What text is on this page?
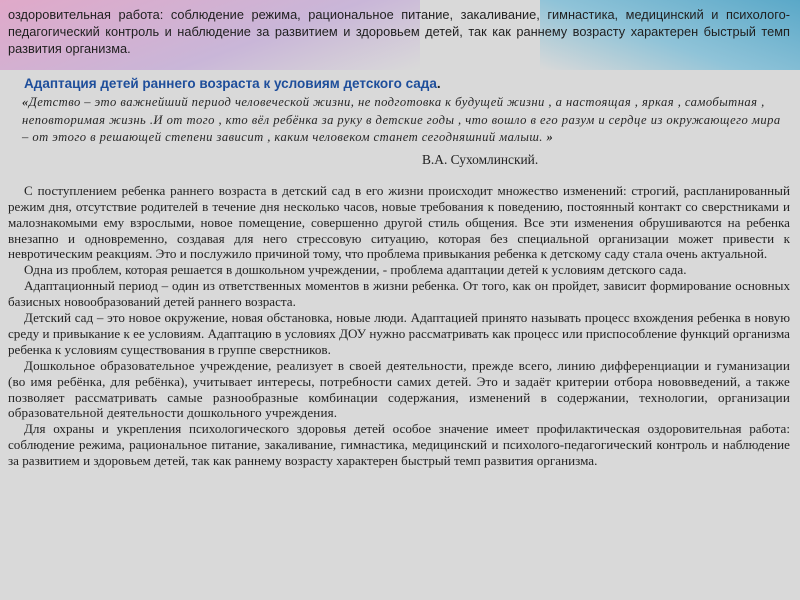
оздоровительная работа: соблюдение режима, рациональное питание, закаливание, гимнастика, медицинский и психолого-педагогический контроль и наблюдение за развитием и здоровьем детей, так как раннему возрасту характерен быстрый темп развития организма.

Адаптация детей раннего возраста к условиям детского сада.
«Детство – это важнейший период человеческой жизни, не подготовка к будущей жизни , а настоящая , яркая , самобытная , неповторимая жизнь .И от того , кто вёл ребёнка за руку в детские годы , что вошло в его разум и сердце из окружающего мира – от этого в решающей степени зависит , каким человеком станет сегодняшний малыш. »
В.А. Сухомлинский.

С поступлением ребенка раннего возраста в детский сад в его жизни происходит множество изменений: строгий, распланированный режим дня, отсутствие родителей в течение дня несколько часов, новые требования к поведению, постоянный контакт со сверстниками и малознакомыми ему взрослыми, новое помещение, совершенно другой стиль общения. Все эти изменения обрушиваются на ребенка внезапно и одновременно, создавая для него стрессовую ситуацию, которая без специальной организации может привести к невротическим реакциям. Это и послужило причиной тому, что проблема привыкания ребенка к детскому саду стала очень актуальной.

Одна из проблем, которая решается в дошкольном учреждении, - проблема адаптации детей к условиям детского сада.

Адаптационный период – один из ответственных моментов в жизни ребенка. От того, как он пройдет, зависит формирование основных базисных новообразований детей раннего возраста.

Детский сад – это новое окружение, новая обстановка, новые люди. Адаптацией принято называть процесс вхождения ребенка в новую среду и привыкание к ее условиям. Адаптацию в условиях ДОУ нужно рассматривать как процесс или приспособление функций организма ребенка к условиям существования в группе сверстников.

Дошкольное образовательное учреждение, реализует в своей деятельности, прежде всего, линию дифференциации и гуманизации (во имя ребёнка, для ребёнка), учитывает интересы, потребности самих детей. Это и задаёт критерии отбора нововведений, а также позволяет рассматривать самые разнообразные комбинации содержания, изменений в содержании, технологии, организации образовательной деятельности дошкольного учреждения.

Для охраны и укрепления психологического здоровья детей особое значение имеет профилактическая оздоровительная работа: соблюдение режима, рациональное питание, закаливание, гимнастика, медицинский и психолого-педагогический контроль и наблюдение за развитием и здоровьем детей, так как раннему возрасту характерен быстрый темп развития организма.
